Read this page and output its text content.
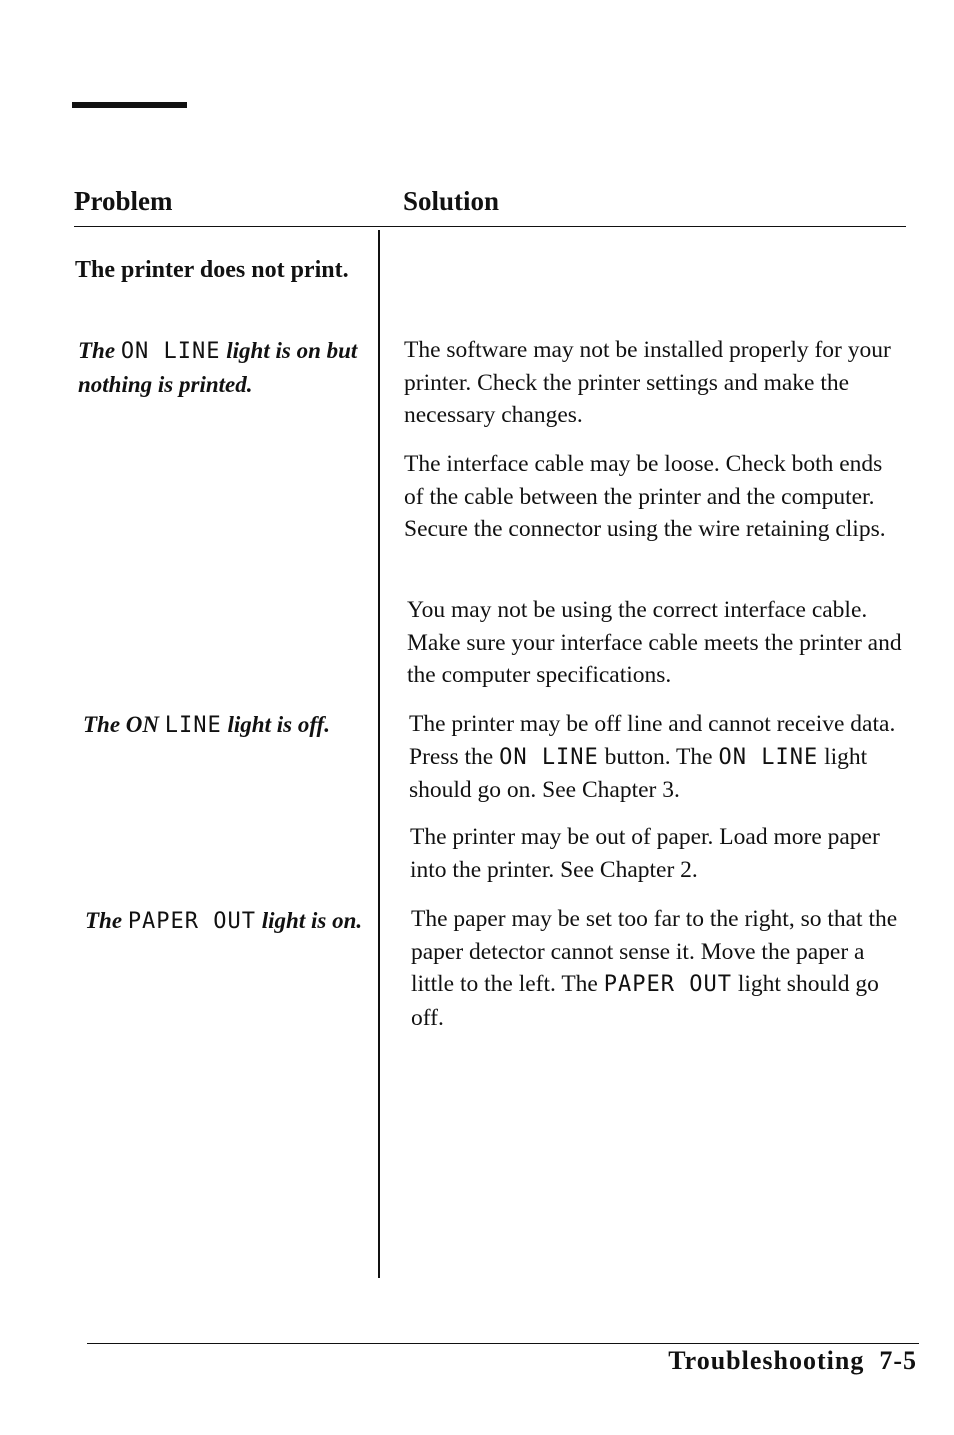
Problem	Solution
The printer does not print.
The ON LINE light is on but nothing is printed.
The ON LINE light is off.
The PAPER OUT light is on.
The software may not be installed properly for your printer. Check the printer settings and make the necessary changes.
The interface cable may be loose. Check both ends of the cable between the printer and the computer. Secure the connector using the wire retaining clips.
You may not be using the correct interface cable. Make sure your interface cable meets the printer and the computer specifications.
The printer may be off line and cannot receive data. Press the ON LINE button. The ON LINE light should go on. See Chapter 3.
The printer may be out of paper. Load more paper into the printer. See Chapter 2.
The paper may be set too far to the right, so that the paper detector cannot sense it. Move the paper a little to the left. The PAPER OUT light should go off.
Troubleshooting 7-5
